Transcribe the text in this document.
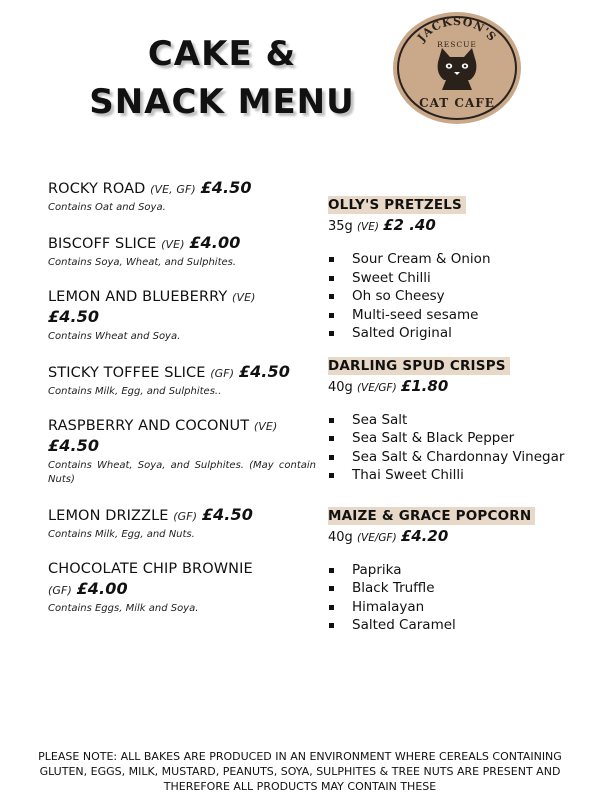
CAKE &
SNACK MENU
JACKSON'S
RESCUE
CAT CAFE
ROCKY ROAD (VE, GF) £4.50
Contains Oat and Soya.
BISCOFF SLICE (VE) £4.00
Contains Soya, Wheat, and Sulphites.
LEMON AND BLUEBERRY (VE)
£4.50
Contains Wheat and Soya.
STICKY TOFFEE SLICE (GF) £4.50
Contains Milk, Egg, and Sulphites..
RASPBERRY AND COCONUT (VE)
£4.50
Contains Wheat, Soya, and Sulphites. (May contain Nuts)
LEMON DRIZZLE (GF) £4.50
Contains Milk, Egg, and Nuts.
CHOCOLATE CHIP BROWNIE
(GF) £4.00
Contains Eggs, Milk and Soya.
OLLY'S PRETZELS
35g (VE) £2 .40
Sour Cream & Onion
Sweet Chilli
Oh so Cheesy
Multi-seed sesame
Salted Original
DARLING SPUD CRISPS
40g (VE/GF) £1.80
Sea Salt
Sea Salt & Black Pepper
Sea Salt & Chardonnay Vinegar
Thai Sweet Chilli
MAIZE & GRACE POPCORN
40g (VE/GF) £4.20
Paprika
Black Truffle
Himalayan
Salted Caramel
PLEASE NOTE: ALL BAKES ARE PRODUCED IN AN ENVIRONMENT WHERE CEREALS CONTAINING GLUTEN, EGGS, MILK, MUSTARD, PEANUTS, SOYA, SULPHITES & TREE NUTS ARE PRESENT AND THEREFORE ALL PRODUCTS MAY CONTAIN THESE
